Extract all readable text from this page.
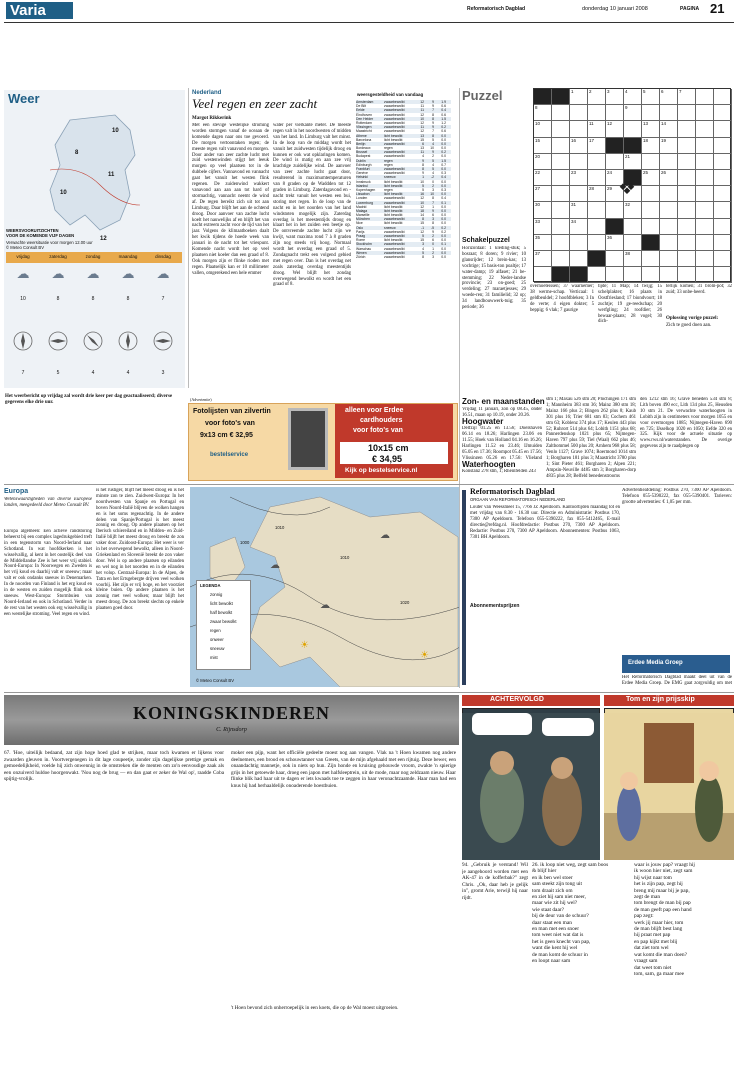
Varia	Reformatorisch Dagblad	donderdag 10 januari 2008	PAGINA 21
Weer
10
8
11
10
12
Verwachte weersituatie voor morgen 12.00 uur
© Meteo Consult BV
WEERSVOORUITZICHTEN
VOOR DE KOMENDE VIJF DAGEN
vrijdag	zaterdag	zondag	maandag	dinsdag
☁	☁	☁	☁	☁
10	8	8	8	7
7	5	4	4	3
Het weerbericht op vrijdag zal wordt drie keer per dag geactualiseerd; diverse gegevens elke drie uur.
Nederland
Veel regen en zeer zacht
Margot Rikkerink
Met een stevige westelijke stroming worden stormgen vanaf de oceaan de komende dagen naar ons toe gevoerd. De morgen vertoontaken regen; de meeste regen valt vanavond en morgen. Door ander van zeer zachte lucht met zuid westenwinden stijgt het leeuk morgen op veel plaatsen tot in de dubbele cijfers. Vannavond en vannacht gaat het vanuit het westen flink regenen. De zuidenwind wakkert vanavond aan aan aan tot hard of stormachtig, vannacht neemt de wind af. De regen bereikt zich uit tot aan Limburg. Daar blijft het aan de ochtend droog. Door aanvoer van zachte lucht koelt het nauwelijks af en blijft het van nacht extreem zacht voor de tijd van het jaar. Volgens de klimaatboeken daalt het kwik tijdens de hoede week van januari in de nacht tot het vriespunt. Komende nacht wordt het op veel plaatsen niet koeler dan een graad of 8. Ook morgen zijn er flinke rioden met regen. Plaatselijk kan er 10 millimeter vallen, omgerekend een hele emmer
water per vierkante meter. De meeste regen valt in het noordwesten of midden van het land. In Limburg valt het minst. In de loop van de middag wordt het vanuit het zuidwesten tijdelijk droog en kunnen er ook wat opklaringen komen. De wind is matig en aan zee vrij krachtige zuidelijke wind. De aanvoer van zeer zachte lucht gaat door, resulterend in maximumtemperaturen van 8 graden op de Waddden tot 12 graden in Limburg. Zaterdagavond en -nacht trekt vanuit het westen een bui, storing met regen. In de loop van de nacht en in het noorden van het land windstoten mogelijk zijn. Zaterdag overdag is het meestentijds droog en klaart het in het zuiden een beetje op. De ontvreemde zachte lucht zijn we kwijt, want maxima rond 7 à 8 graden zijn nog steeds vrij hoog. Normaal wordt het overdag een graad of 5. Zondagnacht trekt een volgend gebied met regen over. Dan is het overdag net zoals zaterdag overdag meestentijds droog. Wel blijft het zondag overwegend bewolkt en wordt het een graad of 8.
weersgesteldheid van vandaag
Amsterdam	zwaarbewolkt	12	9	1.9
De Bilt	zwaarbewolkt	11	9	0.6
Eelde	zwaarbewolkt	11	7	0.4
Eindhoven	zwaarbewolkt	12	8	0.6
Den Helder	zwaarbewolkt	10	8	1.5
Rotterdam	zwaarbewolkt	12	9	1.2
Vlissingen	zwaarbewolkt	11	9	0.2
Maastricht	zwaarbewolkt	12	7	0.6
Athene	licht bewolkt	13	8	0.0
Barcelona	licht bewolkt	15	5	0.0
Berlijn	zwaarbewolkt	6	4	0.0
Bordeaux	regen	13	10	0.0
Brussel	zwaarbewolkt	11	9	0.2
Budapest	zwaarbewolkt	4	2	0.0
Dublin	regen	9	5	1.5
Edinburgh	regen	8	4	0.7
Frankfurt	zwaarbewolkt	8	5	0.0
Genève	zwaarbewolkt	9	4	0.3
Helsinki	sneeuw	1	-2	0.4
Innsbruck	licht bewolkt	10	0	0.0
Istanbul	licht bewolkt	5	2	0.0
Kopenhagen	regen	5	3	0.3
Lissabon	licht bewolkt	16	10	0.0
Londen	zwaarbewolkt	12	8	0.4
Luxemburg	zwaarbewolkt	10	7	0.1
Madrid	licht bewolkt	12	1	0.0
Malaga	licht bewolkt	18	9	0.0
Marseille	licht bewolkt	14	6	0.0
München	zwaarbewolkt	8	3	0.0
Nice	licht bewolkt	15	8	0.0
Oslo	sneeuw	-1	-5	0.2
Parijs	zwaarbewolkt	12	9	0.2
Praag	zwaarbewolkt	5	2	0.0
Rome	licht bewolkt	15	6	0.0
Stockholm	zwaarbewolkt	3	0	0.1
Warschau	zwaarbewolkt	4	1	0.0
Wenen	zwaarbewolkt	5	2	0.0
Zürich	zwaarbewolkt	8	3	0.0
Puzzel	1	2	3	4	5	6	7
8	9
10	11	12	13	14
15	16	17	18	19
20	21
22	23	24	25	26
27	28	29
30	31	32
33	34
35	36
37	38
❖
Schakelpuzzel
Horizontaal: 1 kleding-stuk; 5 bosraat; 8 doren; 9 rivier; 10 glansrijder; 12 brein-kas; 13 vochtige; 15 basis-ton poaltje; 17 water-damp; 19 alfaset; 21 be-stemming; 22 Neder-landse provincie; 23 on-goed; 25 verdeling; 27 maraetjesses; 29 woede-ren; 31 familielid; 32 op; 34 landbouwwerk-tuig; 35 periode; 36
overnoeteissen; 37 waarnemer; 38 werme-schap. Verticaal: 1 geldbeuldel; 2 hoofdbleken; 3 In de verte; 4 eigen dokter; 5 beppig; 6 vlak; 7 gaurige
tijde; 11 Map; 14 twijg; 15 schelplakter; 16 plaats in Oostfriesland; 17 biondvoort; 18 zuchtje; 19 ge-reedschap; 20 werfgling; 24 roofdier; 26 bewaar-plaats; 28 vogel; 30 dich-
terlijk komen; 31 brom-pot; 32 zuid; 33 onbe-heerd.
Oplossing vorige puzzel:
Zich te goed doen aan.
(Advertentie)
Fotolijsten van zilvertin
voor foto's van
9x13 cm € 32,95
bestelservice
alleen voor Erdee
cardhouders
voor foto's van
10x15 cm
€ 34,95
Kijk op bestelservice.nl
Zon- en maanstanden
Vrijdag 11 januari, zon op 08.45, onder 16.51, maan op 10.19, onder 20.26.
Hoogwater
Delfzijl 01.25 en 13.56; Doelshaven 06.14 en 18.26; Harlingen 23.06 en 11.55; Hoek van Holland 04.16 en 16.26; Harlingen 11.52 en 23.46; IJmuiden 05.05 en 17.36; Roompot 05.45 en 17.56; Vlissingen 05.26 en 17.56; Vlieland
Waterhoogten
Konstanz 278 stm, 1; Rheinfelden 243
stm 1; Maxau 526 stm 20; Plochingen 171 stm 1; Mannheim 383 stm 36; Mainz 380 stm 18; Mainz 166 plus 2; Bingen 262 plus 8; Kaub 301 plus 16; Trier 681 stm 83; Cochem 461 stm 63; Koblenz 374 plus 17; Keulen 443 plus 52; Ruhrort 514 plus 64; Lobith 1151 plus 68; Pannerdenskop 1021 plus 65; Nijmegen-Haven 797 plus 59; Tiel (Waal) 662 plus 46; Zaltbommel 500 plus 20; Arnhem 968 plus 58; Venlo 1127; Grave 1074; Roermond 1014 stm 1; Borgharen 181 plus 3; Maastricht 3780 plus 1; Sint Pieter 461; Borgharen 2; Alpen 221; Ampsin-Neuville 4485 stm 3; Borgharen-dorp 4835 plus 28; Belfeld benedenstrooms
den 1212 stm 16; Grave beneden 534 stm 8; Lith boven 490 ecc, Lith 134 plus 25, Heusden 10 stm 21. De verwachte waterhoogten in Lobith zijn in centimeters voor morgen 1055 en voor overmorgen 1085; Nijmegen-Haven 690 en 725; IJsselkop 1020 en 1050; Eefde 320 en 325. Kijk voor de actuele situatie op www.rws.nl/waterstanden. De overige gegevens zijn te raadplegen op
Europa
Wetenswaardigheden van diverse Europese landen, meegedeeld door Meteo Consult BV.
Europa algemeen: Een actieve randstoring beheerst bij een complex lagedrukgebied treft in een tegenstorm van Noord-Ierland naar Schotland. In wat hoofdkerken is het wisselvallig, al kent in het oostelijk deel van de Middellandse Zee is het weer vrij stabiel. Noord-Europa: In Noorwegen en Zweden is het vrij koud en daarbij valt er sneeuw; maar valt er ook ondanks sneeuw in Denemarken. In de noorden van Finland is het erg koud en in de westen en zuiden mogelijk flink ook sneeuw. West-Europa: Stormbuien van Noord-Ierland en ook in Schotland. Verder in de rest van het westen ook erg wisselvallig in een westelijke stroming. Veel regen en wind.
is het rustiger, blijft het meest droog en is het minste zon te zien. Zuidwest-Europa: In het noordwesten van Spanje en Portugal en boven Noord-Italië blijven de wolken hangen en is het soms regenachtig. In de andere delen van Spanje/Portugal is het meest zonnig en droog. Op andere plaatsen op het Iberisch schiereiland en in Midden- en Zuid-Italië blijft het meest droog en breekt de zon vaker door. Zuidoost-Europa: Het weer is ver in het overwegend bewolkt, alleen in Noord-Griekenland en Slovenië breekt de zon vaker door. Wel is op andere plaatsen op eilanden en wel nog in het noorden en in de eilanden het volop. Centraal-Europa: In de Alpen, de Tatra en het Ertsgebergte drijven veel wolken voorbij. Het zijn er vrij hoge, en het voorziet kleine buien. Op andere plaatsen is het zonnig met veel wolken; maar blijft het meest droog. De zon breekt slechts op enkele plaatsen goed door.
1000
1010
1010
1020
☁
☁
☁
☀
☀
LEGENDA
zonnig
licht bewolkt
half bewolkt
zwaar bewolkt
regen
onweer
sneeuw
mist
© Meteo Consult BV
Reformatorisch Dagblad
ORGAAN VAN REFORMATORISCH NEDERLAND
Louter van Weessmeel 15, 7766 JZ Apeldoorn. Kantoortijden maandag tot en met vrijdag van 8.30 - 16.30 uur. Directie en Administratie: Postbus 170, 7300 AP Apeldoorn. Telefoon 055-5390222, fax 055-5412465, E-mail directie@refdag.nl. Hoofdredactie: Postbus 270, 7300 AP Apeldoorn. Redactie: Postbus 270, 7300 AP Apeldoorn. Abonnementen: Postbus 1063, 7301 BH Apeldoorn.
Abonnementsprijzen
Advertentieafdeling: Postbus 270, 7300 AP Apeldoorn. Telefoon 055-5390222, fax 055-5390401. Tarieven: grootte advertenties: € 1,05 per mm.
Erdee Media Groep
Het Reformatorisch Dagblad maakt deel uit van de Erdee Media Groep. De EMG gaat zorgvuldig om met
KONINGSKINDEREN
C. Rijnsdorp
67. 'Hoe, uiteilijk bedaand, zat zijn hoge hoed glad te strijken, maar toch kwamen er lijkens voor zwaarden gleuven in. Voortvergenegen in dit lage coupeetje, zonder zijn dagelijkse prettige gemak en gemoedelijkheid, voelde hij zich onwennig in de omstreken die de menten om zo'n eenvoudige zaak als een onzuiverd huldoe hoorgenwakt. 'Nou nog de brug — en dan gaat er zeker de Wal op', raadde Coba spijtig-vrolijk.
moker een pijp, want het officiële gedeelte moest nog aan vangen. Vlak na 't Hoen kwamen nog andere deelnemers, een brood en schouwtanner van Greets, van de mijn afgehaald met een rijtuig. Deze bewer, een onaandachtig mannetje, ook in niets op hun. Zijn honde en kruising gehouwde vroom, zwakte 'n spierige grijs in het getoewde haar, droeg een japon met halfsleeptrein, uit de mode, maar nog zeldzaam nieuw. Haar flinke blik had haar uit te dagen er iets kwaads toe te zeggen in haar veronachtzaamde. Haar man had een knus hij had herhaaldelijk onoaderende hoestbuien.
't Hoen bevond zich onherroepelijk in een koets, die op de Wal moest uitgroeien.
ACHTERVOLGD
94. „Gebruik je verstand! Wil je aangehoord worden met een AK-47 in de kofferbak?" zegt Chris. „Ok, daar heb je gelijk in", gromt Arie, terwijl hij naar rijdt.
Tom en zijn prijsskip
26. ik loop niet weg, zegt sam boos
& blijf hier
en ik ben wel stoer
sam steekt zijn tong uit
tom draait zich om
en ziet hij sam niet meer,
maar wie zit hij wel?
wie staat daar?
bij de deur van de schuur?
daar staat een man
en man met een snoer
tom weet niet wat dat is
het is geen knecht van pap,
want die kent hij wel
de man komt de schuur in
en loopt naar sam
waar is jouw pap? vraagt hij
ik woon hier niet, zegt sam
hij wijst naar tom
het is zijn pap, zegt hij
breng mij maar bij je pap,
zegt de man
tom brengt de man bij pap
de man geeft pap een hand
pap zegt:
werk jij maar hier, tom
de man blijft best lang
hij praat met pap
en pap kijkt met blij
dat ziet tom wel
wat komt die man doen?
vraagt sam
dat weet tom niet
tom, sam, ga maar mee
